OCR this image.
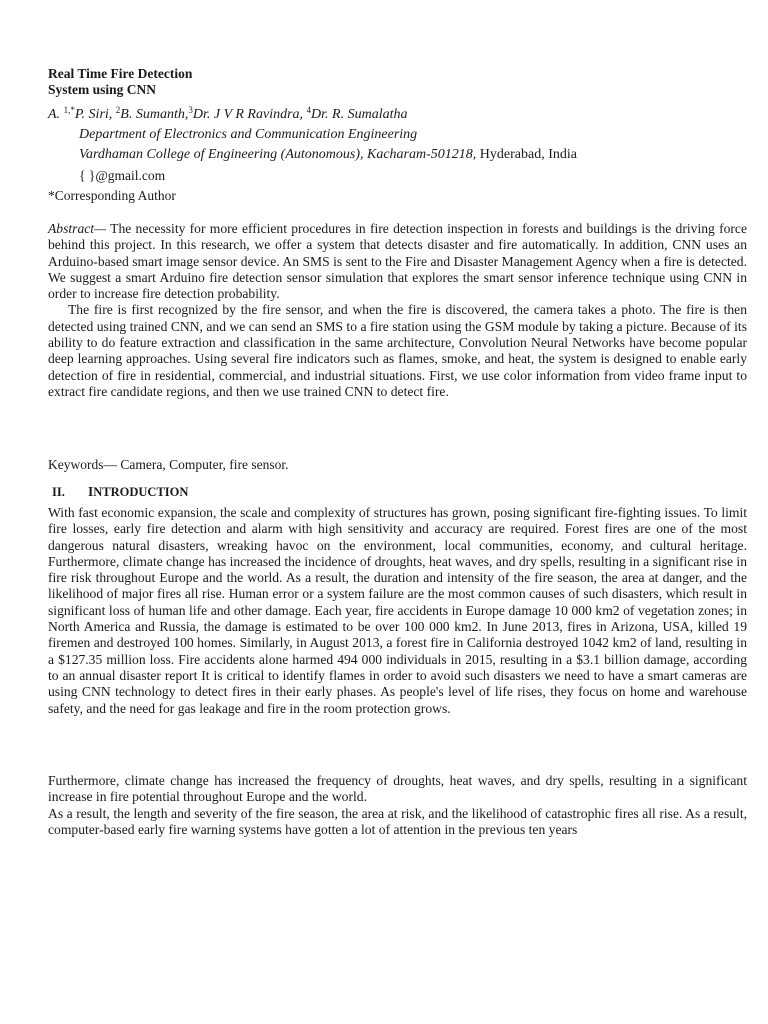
Real Time Fire Detection
System using CNN
A. $^{1,*}$P. Siri, $^2$B. Sumanth,$^3$Dr. J V R Ravindra, $^4$Dr. R. Sumalatha
Department of Electronics and Communication Engineering
Vardhaman College of Engineering (Autonomous), Kacharam-501218, Hyderabad, India
{ }@gmail.com
*Corresponding Author

Abstract— The necessity for more efficient procedures in fire detection inspection in forests and buildings is the driving force behind this project. In this research, we offer a system that detects disaster and fire automatically. In addition, CNN uses an Arduino-based smart image sensor device. An SMS is sent to the Fire and Disaster Management Agency when a fire is detected. We suggest a smart Arduino fire detection sensor simulation that explores the smart sensor inference technique using CNN in order to increase fire detection probability.

The fire is first recognized by the fire sensor, and when the fire is discovered, the camera takes a photo. The fire is then detected using trained CNN, and we can send an SMS to a fire station using the GSM module by taking a picture. Because of its ability to do feature extraction and classification in the same architecture, Convolution Neural Networks have become popular deep learning approaches. Using several fire indicators such as flames, smoke, and heat, the system is designed to enable early detection of fire in residential, commercial, and industrial situations. First, we use color information from video frame input to extract fire candidate regions, and then we use trained CNN to detect fire.

Keywords— Camera, Computer, fire sensor.
II. INTRODUCTION

With fast economic expansion, the scale and complexity of structures has grown, posing significant fire-fighting issues. To limit fire losses, early fire detection and alarm with high sensitivity and accuracy are required. Forest fires are one of the most dangerous natural disasters, wreaking havoc on the environment, local communities, economy, and cultural heritage. Furthermore, climate change has increased the incidence of droughts, heat waves, and dry spells, resulting in a significant rise in fire risk throughout Europe and the world. As a result, the duration and intensity of the fire season, the area at danger, and the likelihood of major fires all rise. Human error or a system failure are the most common causes of such disasters, which result in significant loss of human life and other damage. Each year, fire accidents in Europe damage 10 000 km2 of vegetation zones; in North America and Russia, the damage is estimated to be over 100 000 km2. In June 2013, fires in Arizona, USA, killed 19 firemen and destroyed 100 homes. Similarly, in August 2013, a forest fire in California destroyed 1042 km2 of land, resulting in a $127.35 million loss. Fire accidents alone harmed 494 000 individuals in 2015, resulting in a $3.1 billion damage, according to an annual disaster report It is critical to identify flames in order to avoid such disasters we need to have a smart cameras are using CNN technology to detect fires in their early phases. As people's level of life rises, they focus on home and warehouse safety, and the need for gas leakage and fire in the room protection grows.

Furthermore, climate change has increased the frequency of droughts, heat waves, and dry spells, resulting in a significant increase in fire potential throughout Europe and the world.

As a result, the length and severity of the fire season, the area at risk, and the likelihood of catastrophic fires all rise. As a result, computer-based early fire warning systems have gotten a lot of attention in the previous ten years
